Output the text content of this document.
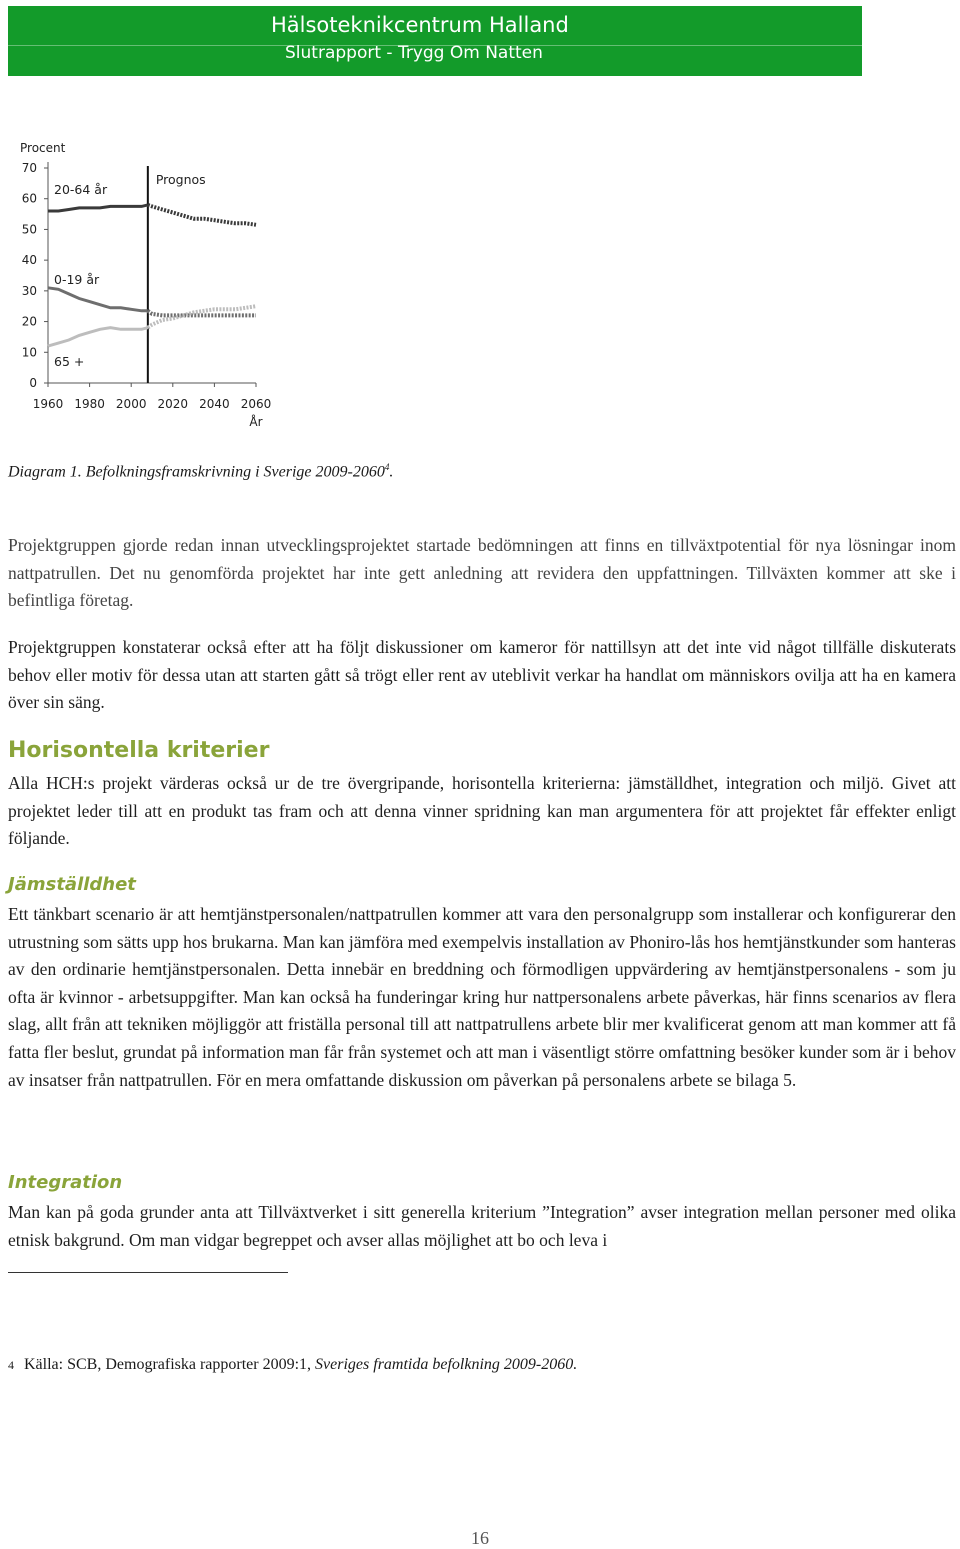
Hälsoteknikcentrum Halland
Slutrapport - Trygg Om Natten
Procent
0
10
20
30
40
50
60
70
1960 1980 2000 2020 2040 2060
År
Prognos
20-64 år
0-19 år
65 +
Diagram 1. Befolkningsframskrivning i Sverige 2009-2060$^4$.

Projektgruppen gjorde redan innan utvecklingsprojektet startade bedömningen att finns en tillväxtpotential för nya lösningar inom nattpatrullen. Det nu genomförda projektet har inte gett anledning att revidera den uppfattningen. Tillväxten kommer att ske i befintliga företag.

Projektgruppen konstaterar också efter att ha följt diskussioner om kameror för nattillsyn att det inte vid något tillfälle diskuterats behov eller motiv för dessa utan att starten gått så trögt eller rent av uteblivit verkar ha handlat om människors ovilja att ha en kamera över sin säng.

Horisontella kriterier

Alla HCH:s projekt värderas också ur de tre övergripande, horisontella kriterierna: jämställdhet, integration och miljö. Givet att projektet leder till att en produkt tas fram och att denna vinner spridning kan man argumentera för att projektet får effekter enligt följande.

Jämställdhet

Ett tänkbart scenario är att hemtjänstpersonalen/nattpatrullen kommer att vara den personalgrupp som installerar och konfigurerar den utrustning som sätts upp hos brukarna. Man kan jämföra med exempelvis installation av Phoniro-lås hos hemtjänstkunder som hanteras av den ordinarie hemtjänstpersonalen. Detta innebär en breddning och förmodligen uppvärdering av hemtjänstpersonalens - som ju ofta är kvinnor - arbetsuppgifter. Man kan också ha funderingar kring hur nattpersonalens arbete påverkas, här finns scenarios av flera slag, allt från att tekniken möjliggör att friställa personal till att nattpatrullens arbete blir mer kvalificerat genom att man kommer att få fatta fler beslut, grundat på information man får från systemet och att man i väsentligt större omfattning besöker kunder som är i behov av insatser från nattpatrullen. För en mera omfattande diskussion om påverkan på personalens arbete se bilaga 5.

Integration

Man kan på goda grunder anta att Tillväxtverket i sitt generella kriterium ”Integration” avser integration mellan personer med olika etnisk bakgrund. Om man vidgar begreppet och avser allas möjlighet att bo och leva i

4 Källa: SCB, Demografiska rapporter 2009:1, Sveriges framtida befolkning 2009-2060.
16
